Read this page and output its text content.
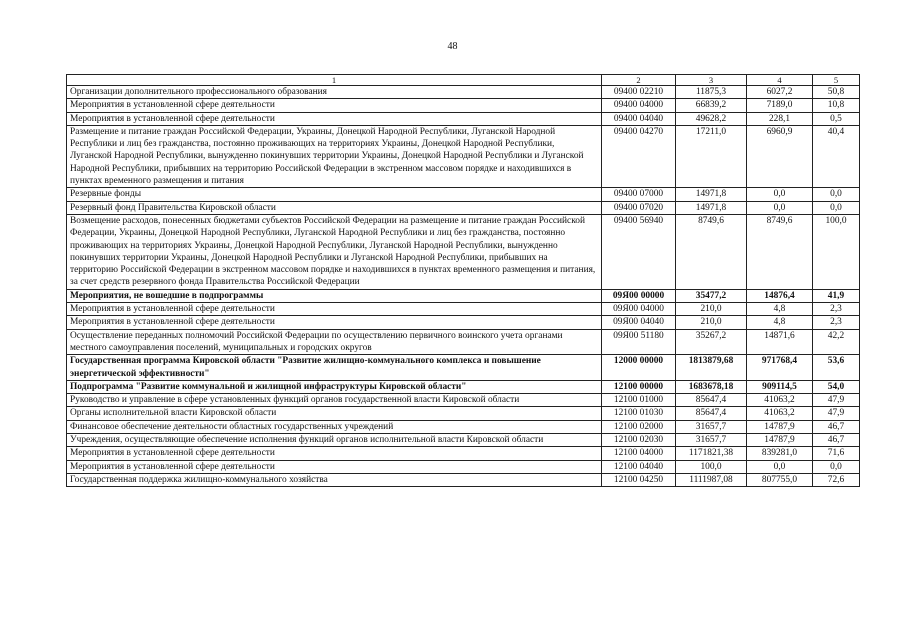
48
1	2	3	4	5
Организации дополнительного профессионального образования	09400 02210	11875,3	6027,2	50,8
Мероприятия в установленной сфере деятельности	09400 04000	66839,2	7189,0	10,8
Мероприятия в установленной сфере деятельности	09400 04040	49628,2	228,1	0,5
Размещение и питание граждан Российской Федерации, Украины, Донецкой Народной Республики, Луганской Народной Республики и лиц без гражданства, постоянно проживающих на территориях Украины, Донецкой Народной Республики, Луганской Народной Республики, вынужденно покинувших территории Украины, Донецкой Народной Республики и Луганской Народной Республики, прибывших на территорию Российской Федерации в экстренном массовом порядке и находившихся в пунктах временного размещения и питания	09400 04270	17211,0	6960,9	40,4
Резервные фонды	09400 07000	14971,8	0,0	0,0
Резервный фонд Правительства Кировской области	09400 07020	14971,8	0,0	0,0
Возмещение расходов, понесенных бюджетами субъектов Российской Федерации на размещение и питание граждан Российской Федерации, Украины, Донецкой Народной Республики, Луганской Народной Республики и лиц без гражданства, постоянно проживающих на территориях Украины, Донецкой Народной Республики, Луганской Народной Республики, вынужденно покинувших территории Украины, Донецкой Народной Республики и Луганской Народной Республики, прибывших на территорию Российской Федерации в экстренном массовом порядке и находившихся в пунктах временного размещения и питания, за счет средств резервного фонда Правительства Российской Федерации	09400 56940	8749,6	8749,6	100,0
Мероприятия, не вошедшие в подпрограммы	09Я00 00000	35477,2	14876,4	41,9
Мероприятия в установленной сфере деятельности	09Я00 04000	210,0	4,8	2,3
Мероприятия в установленной сфере деятельности	09Я00 04040	210,0	4,8	2,3
Осуществление переданных полномочий Российской Федерации по осуществлению первичного воинского учета органами местного самоуправления поселений, муниципальных и городских округов	09Я00 51180	35267,2	14871,6	42,2
Государственная программа Кировской области "Развитие жилищно-коммунального комплекса и повышение энергетической эффективности"	12000 00000	1813879,68	971768,4	53,6
Подпрограмма "Развитие коммунальной и жилищной инфраструктуры Кировской области"	12100 00000	1683678,18	909114,5	54,0
Руководство и управление в сфере установленных функций органов государственной власти Кировской области	12100 01000	85647,4	41063,2	47,9
Органы исполнительной власти Кировской области	12100 01030	85647,4	41063,2	47,9
Финансовое обеспечение деятельности областных государственных учреждений	12100 02000	31657,7	14787,9	46,7
Учреждения, осуществляющие обеспечение исполнения функций органов исполнительной власти Кировской области	12100 02030	31657,7	14787,9	46,7
Мероприятия в установленной сфере деятельности	12100 04000	1171821,38	839281,0	71,6
Мероприятия в установленной сфере деятельности	12100 04040	100,0	0,0	0,0
Государственная поддержка жилищно-коммунального хозяйства	12100 04250	1111987,08	807755,0	72,6
